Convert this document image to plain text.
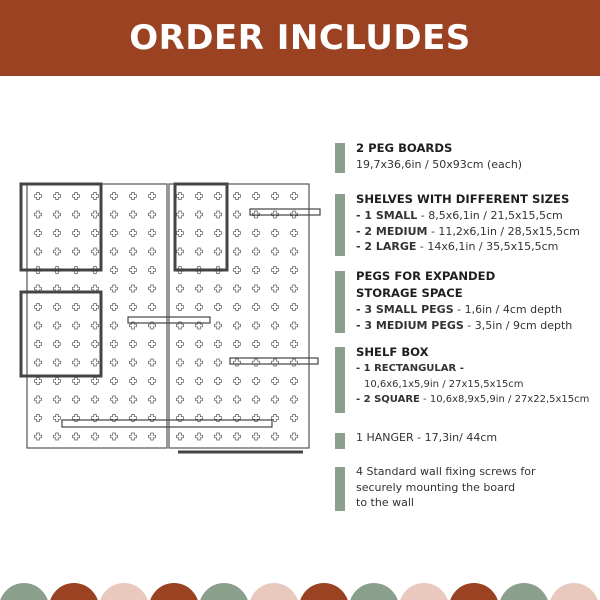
ORDER INCLUDES
2 PEG BOARDS
19,7x36,6in / 50x93cm (each)
SHELVES WITH DIFFERENT SIZES
- 1 SMALL - 8,5x6,1in / 21,5x15,5cm
- 2 MEDIUM - 11,2x6,1in / 28,5x15,5cm
- 2 LARGE - 14x6,1in / 35,5x15,5cm
PEGS FOR EXPANDED
STORAGE SPACE
- 3 SMALL PEGS - 1,6in / 4cm depth
- 3 MEDIUM PEGS - 3,5in / 9cm depth
SHELF BOX
- 1 RECTANGULAR -
10,6x6,1x5,9in / 27x15,5x15cm
- 2 SQUARE - 10,6x8,9x5,9in / 27x22,5x15cm
1 HANGER - 17,3in/ 44cm
4 Standard wall fixing screws for
securely mounting the board
to the wall
